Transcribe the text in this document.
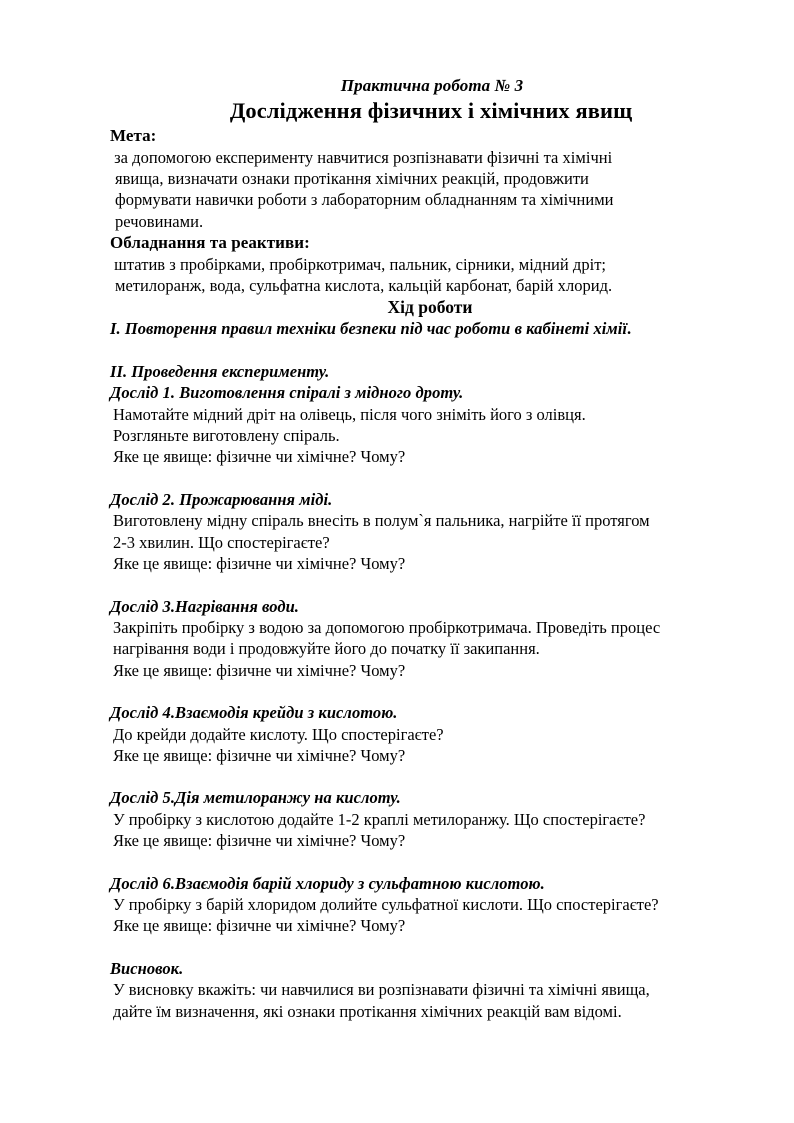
Практична робота № 3
Дослідження фізичних і хімічних явищ
Мета:
за допомогою експерименту навчитися розпізнавати фізичні та хімічні
явища, визначати ознаки протікання хімічних реакцій, продовжити
формувати навички роботи з лабораторним обладнанням та хімічними
речовинами.
Обладнання та реактиви:
штатив з пробірками, пробіркотримач, пальник, сірники, мідний дріт;
метилоранж, вода, сульфатна кислота, кальцій карбонат, барій хлорид.
Хід роботи
I. Повторення правил техніки безпеки під час роботи в кабінеті хімії.
II. Проведення експерименту.
Дослід 1. Виготовлення спіралі з мідного дроту.
Намотайте мідний дріт на олівець, після чого зніміть його з олівця.
Розгляньте виготовлену спіраль.
Яке це явище: фізичне чи хімічне? Чому?
Дослід 2. Прожарювання міді.
Виготовлену мідну спіраль внесіть в полум`я пальника, нагрійте її протягом
2-3 хвилин. Що спостерігаєте?
Яке це явище: фізичне чи хімічне? Чому?
Дослід 3.Нагрівання води.
Закріпіть пробірку з водою за допомогою пробіркотримача. Проведіть процес
нагрівання води і продовжуйте його до початку її закипання.
Яке це явище: фізичне чи хімічне? Чому?
Дослід 4.Взаємодія крейди з кислотою.
До крейди додайте кислоту. Що спостерігаєте?
Яке це явище: фізичне чи хімічне? Чому?
Дослід 5.Дія метилоранжу на кислоту.
У пробірку з кислотою додайте 1-2 краплі метилоранжу. Що спостерігаєте?
Яке це явище: фізичне чи хімічне? Чому?
Дослід 6.Взаємодія барій хлориду з сульфатною кислотою.
У пробірку з барій хлоридом долийте сульфатної кислоти. Що спостерігаєте?
Яке це явище: фізичне чи хімічне? Чому?
Висновок.
У висновку вкажіть: чи навчилися ви розпізнавати фізичні та хімічні явища,
дайте їм визначення, які ознаки протікання хімічних реакцій вам відомі.
